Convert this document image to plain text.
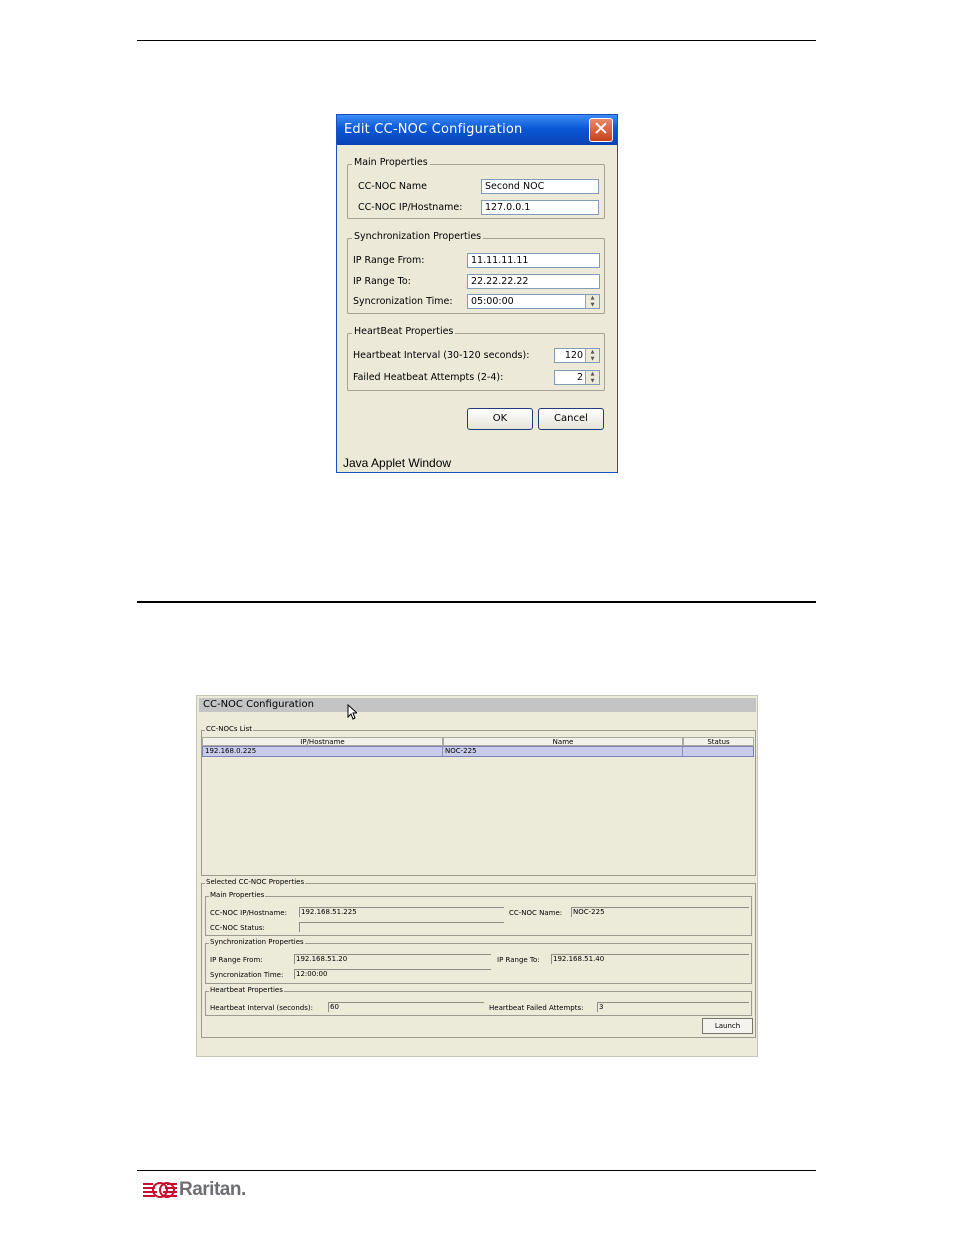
Edit CC-NOC Configuration	✕
Main Properties
CC-NOC Name	Second NOC
CC-NOC IP/Hostname:	127.0.0.1
Synchronization Properties
IP Range From:	11.11.11.11
IP Range To:	22.22.22.22
Syncronization Time: 05:00:00	▲
▼
HeartBeat Properties
Heartbeat Interval (30-120 seconds):	120	▲
▼
Failed Heatbeat Attempts (2-4):	2	▲
▼
OK	Cancel
Java Applet Window
CC-NOC Configuration
CC-NOCs List
IP/Hostname	Name	Status
192.168.0.225	NOC-225
Selected CC-NOC Properties
Main Properties
CC-NOC IP/Hostname: 192.168.51.225	CC-NOC Name: NOC-225
CC-NOC Status:
Synchronization Properties
IP Range From:	192.168.51.20	IP Range To: 192.168.51.40
Syncronization Time: 12:00:00
Heartbeat Properties
Heartbeat Interval (seconds): 60	Heartbeat Failed Attempts: 3
Launch
Raritan.
